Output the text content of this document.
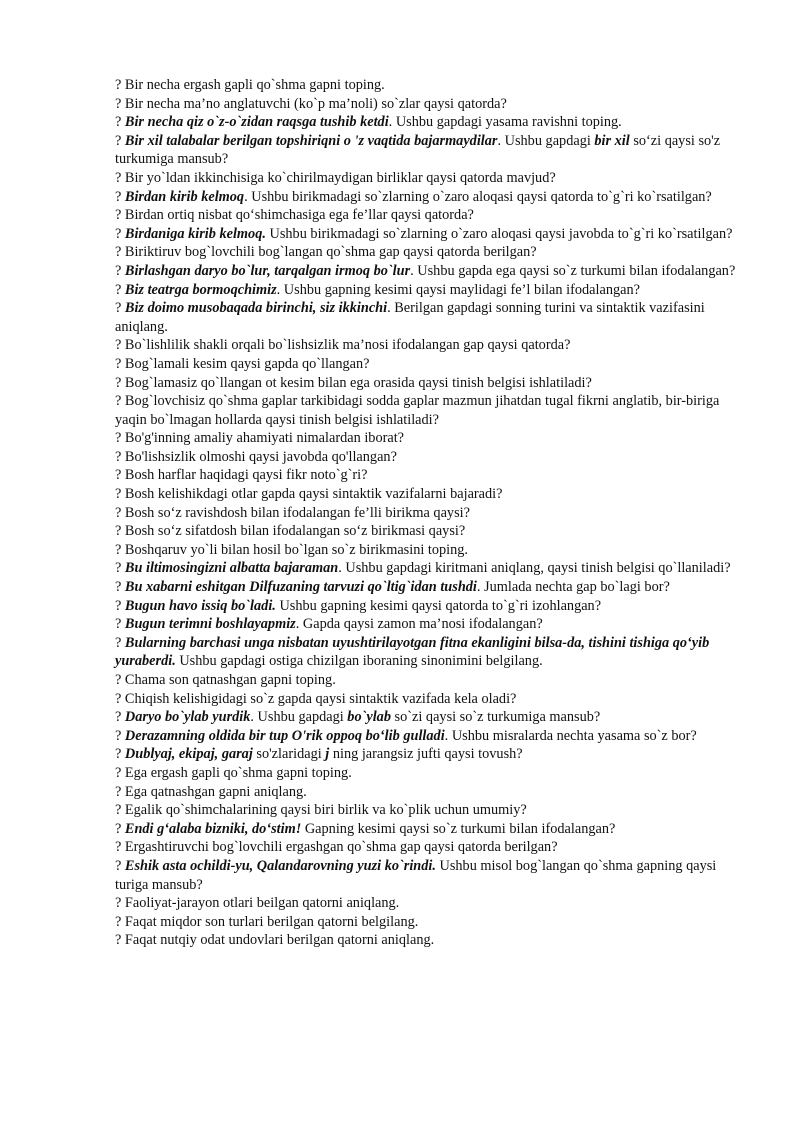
? Bir necha ergash gapli qo`shma gapni toping.

? Bir necha ma’no anglatuvchi (ko`p ma’noli) so`zlar qaysi qatorda?

? Bir necha qiz o`z-o`zidan raqsga tushib ketdi. Ushbu gapdagi yasama ravishni toping.

? Bir xil talabalar berilgan topshiriqni o 'z vaqtida bajarmaydilar. Ushbu gapdagi bir xil so‘zi qaysi so'z turkumiga mansub?

? Bir yo`ldan ikkinchisiga ko`chirilmaydigan birliklar qaysi qatorda mavjud?

? Birdan kirib kelmoq. Ushbu birikmadagi so`zlarning o`zaro aloqasi qaysi qatorda to`g`ri ko`rsatilgan?

? Birdan ortiq nisbat qo‘shimchasiga ega fe’llar qaysi qatorda?

? Birdaniga kirib kelmoq. Ushbu birikmadagi so`zlarning o`zaro aloqasi qaysi javobda to`g`ri ko`rsatilgan?

? Biriktiruv bog`lovchili bog`langan qo`shma gap qaysi qatorda berilgan?

? Birlashgan daryo bo`lur, tarqalgan irmoq bo`lur. Ushbu gapda ega qaysi so`z turkumi bilan ifodalangan?

? Biz teatrga bormoqchimiz. Ushbu gapning kesimi qaysi maylidagi fe’l bilan ifodalangan?

? Biz doimo musobaqada birinchi, siz ikkinchi. Berilgan gapdagi sonning turini va sintaktik vazifasini aniqlang.

? Bo`lishlilik shakli orqali bo`lishsizlik ma’nosi ifodalangan gap qaysi qatorda?

? Bog`lamali kesim qaysi gapda qo`llangan?

? Bog`lamasiz qo`llangan ot kesim bilan ega orasida qaysi tinish belgisi ishlatiladi?

? Bog`lovchisiz qo`shma gaplar tarkibidagi sodda gaplar mazmun jihatdan tugal fikrni anglatib, bir-biriga yaqin bo`lmagan hollarda qaysi tinish belgisi ishlatiladi?

? Bo'g'inning amaliy ahamiyati nimalardan iborat?

? Bo'lishsizlik olmoshi qaysi javobda qo'llangan?

? Bosh harflar haqidagi qaysi fikr noto`g`ri?

? Bosh kelishikdagi otlar gapda qaysi sintaktik vazifalarni bajaradi?

? Bosh so‘z ravishdosh bilan ifodalangan fe’lli birikma qaysi?

? Bosh so‘z sifatdosh bilan ifodalangan so‘z birikmasi qaysi?

? Boshqaruv yo`li bilan hosil bo`lgan so`z birikmasini toping.

? Bu iltimosingizni albatta bajaraman. Ushbu gapdagi kiritmani aniqlang, qaysi tinish belgisi qo`llaniladi?

? Bu xabarni eshitgan Dilfuzaning tarvuzi qo`ltig`idan tushdi. Jumlada nechta gap bo`lagi bor?

? Bugun havo issiq bo`ladi. Ushbu gapning kesimi qaysi qatorda to`g`ri izohlangan?

? Bugun terimni boshlayapmiz. Gapda qaysi zamon ma’nosi ifodalangan?

? Bularning barchasi unga nisbatan uyushtirilayotgan fitna ekanligini bilsa-da, tishini tishiga qo‘yib yuraberdi. Ushbu gapdagi ostiga chizilgan iboraning sinonimini belgilang.

? Chama son qatnashgan gapni toping.

? Chiqish kelishigidagi so`z gapda qaysi sintaktik vazifada kela oladi?

? Daryo bo`ylab yurdik. Ushbu gapdagi bo`ylab so`zi qaysi so`z turkumiga mansub?

? Derazamning oldida bir tup O'rik oppoq bo‘lib gulladi. Ushbu misralarda nechta yasama so`z bor?

? Dublyaj, ekipaj, garaj so'zlaridagi j ning jarangsiz jufti qaysi tovush?

? Ega ergash gapli qo`shma gapni toping.

? Ega qatnashgan gapni aniqlang.

? Egalik qo`shimchalarining qaysi biri birlik va ko`plik uchun umumiy?

? Endi g‘alaba bizniki, do‘stim! Gapning kesimi qaysi so`z turkumi bilan ifodalangan?

? Ergashtiruvchi bog`lovchili ergashgan qo`shma gap qaysi qatorda berilgan?

? Eshik asta ochildi-yu, Qalandarovning yuzi ko`rindi. Ushbu misol bog`langan qo`shma gapning qaysi turiga mansub?

? Faoliyat-jarayon otlari beilgan qatorni aniqlang.

? Faqat miqdor son turlari berilgan qatorni belgilang.

? Faqat nutqiy odat undovlari berilgan qatorni aniqlang.
